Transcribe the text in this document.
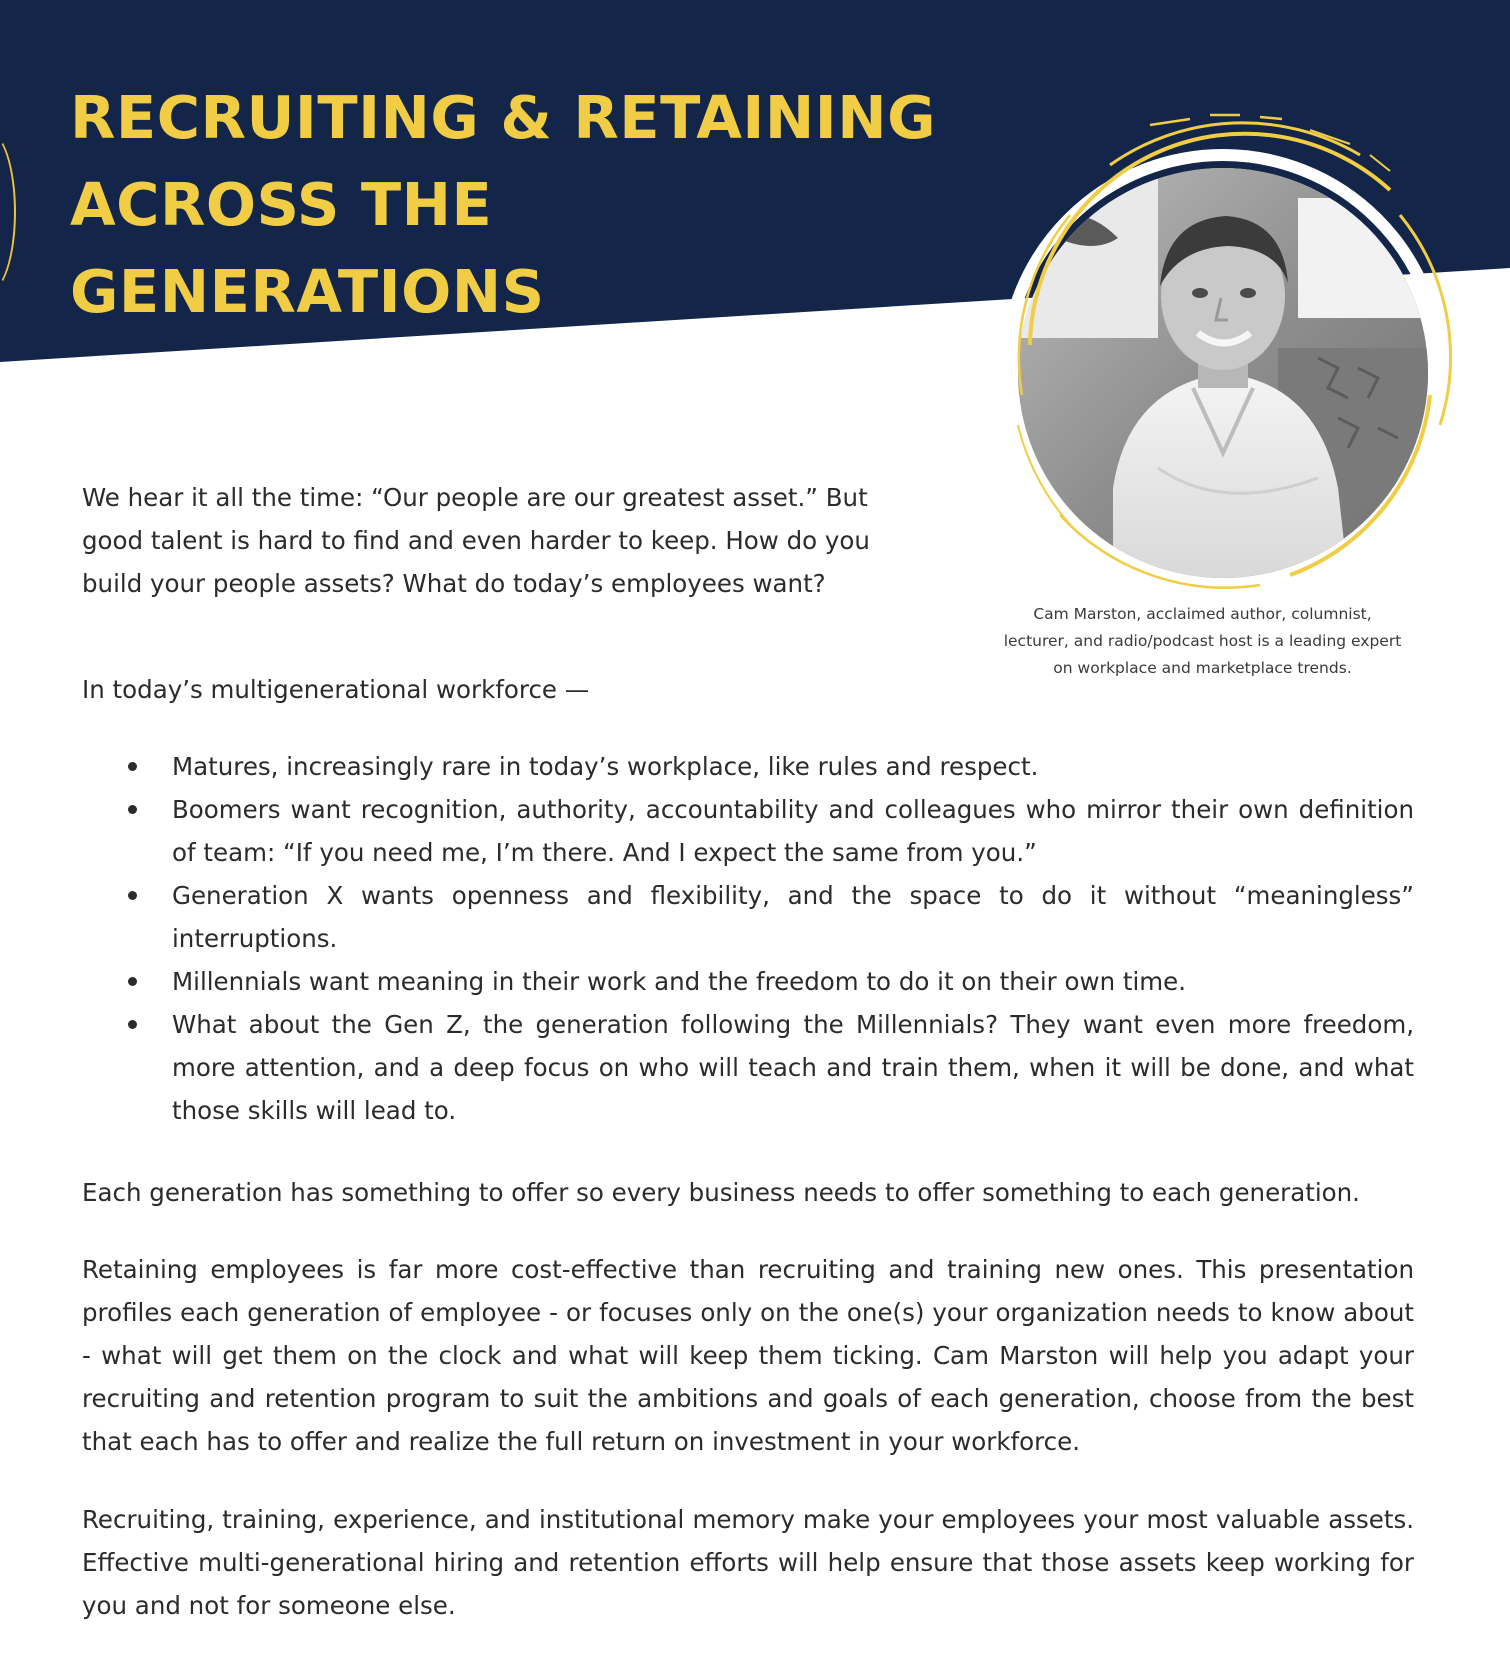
RECRUITING & RETAINING
ACROSS THE GENERATIONS

Cam Marston, acclaimed author, columnist, lecturer, and radio/podcast host is a leading expert on workplace and marketplace trends.

We hear it all the time: “Our people are our greatest asset.” But good talent is hard to find and even harder to keep. How do you build your people assets? What do today’s employees want?

In today’s multigenerational workforce —

Matures, increasingly rare in today’s workplace, like rules and respect.
Boomers want recognition, authority, accountability and colleagues who mirror their own definition of team: “If you need me, I’m there. And I expect the same from you.”
Generation X wants openness and flexibility, and the space to do it without “meaningless” interruptions.
Millennials want meaning in their work and the freedom to do it on their own time.
What about the Gen Z, the generation following the Millennials? They want even more freedom, more attention, and a deep focus on who will teach and train them, when it will be done, and what those skills will lead to.

Each generation has something to offer so every business needs to offer something to each generation.

Retaining employees is far more cost-effective than recruiting and training new ones. This presentation profiles each generation of employee - or focuses only on the one(s) your organization needs to know about - what will get them on the clock and what will keep them ticking. Cam Marston will help you adapt your recruiting and retention program to suit the ambitions and goals of each generation, choose from the best that each has to offer and realize the full return on investment in your workforce.

Recruiting, training, experience, and institutional memory make your employees your most valuable assets. Effective multi-generational hiring and retention efforts will help ensure that those assets keep working for you and not for someone else.
